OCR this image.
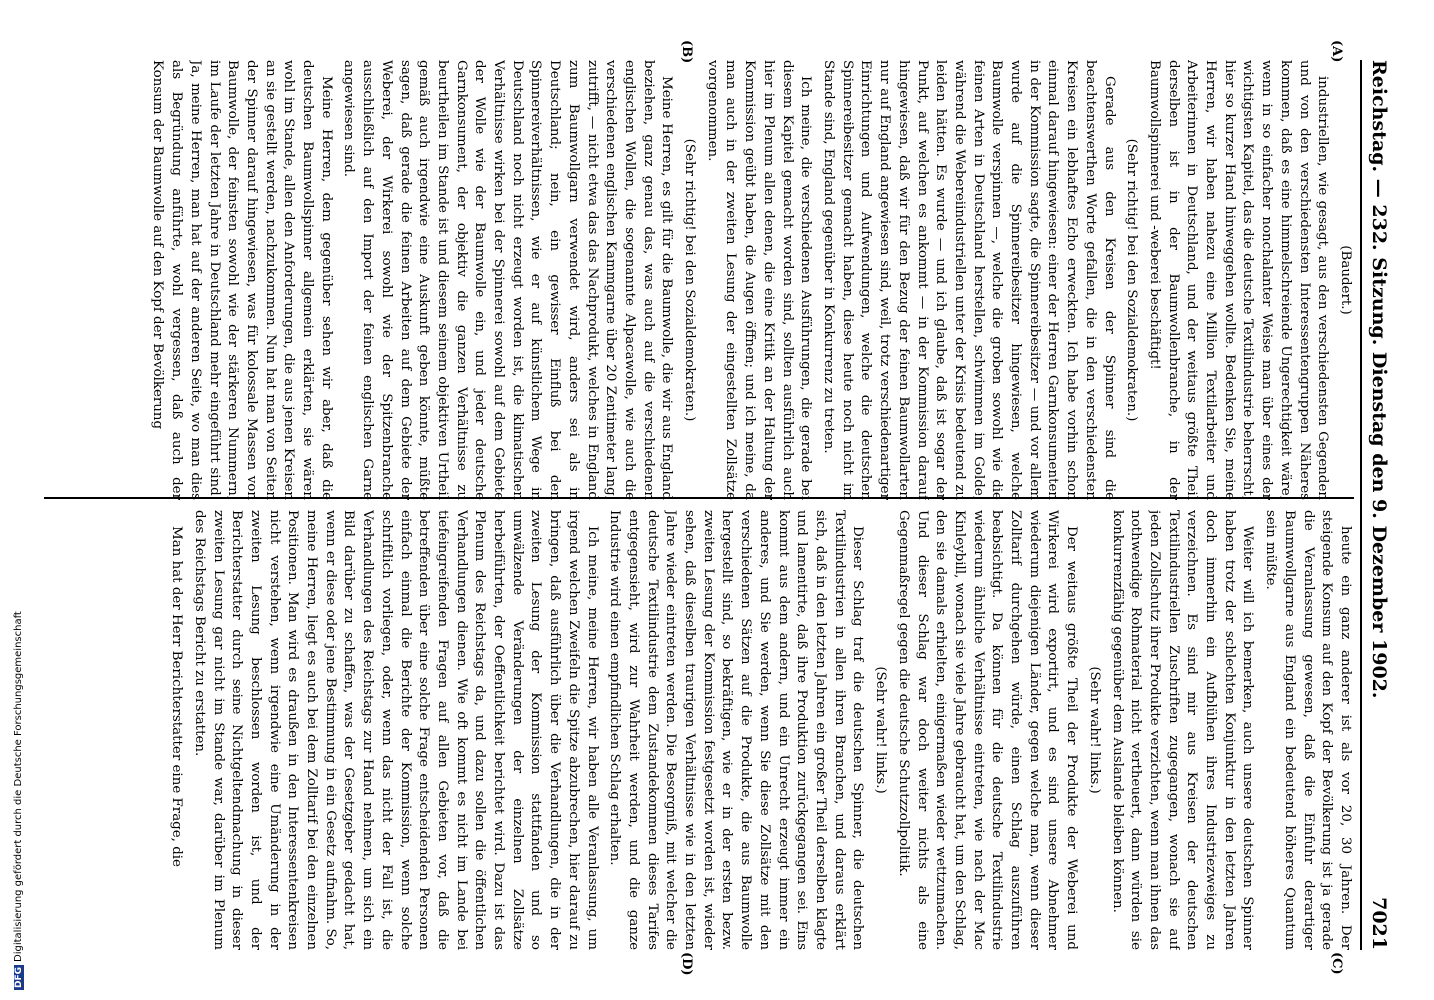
Reichstag. — 232. Sitzung. Dienstag den 9. Dezember 1902.
7021

(Baudert.)

industriellen, wie gesagt, aus den verschiedensten Gegenden und von den verschiedensten Interessentengruppen Näheres kommen, daß es eine himmelschreiende Ungerechtigkeit wäre, wenn in so einfacher nonchalanter Weise man über eines der wichtigsten Kapitel, das die deutsche Textilindustrie beherrscht, hier so kurzer Hand hinweggehen wollte. Bedenken Sie, meine Herren, wir haben nahezu eine Million Textilarbeiter und Arbeiterinnen in Deutschland, und der weitaus größte Theil derselben ist in der Baumwollenbranche, in der Baumwollspinnerei und -weberei beschäftigt!

(Sehr richtig! bei den Sozialdemokraten.)

Gerade aus den Kreisen der Spinner sind die beachtenswerthen Worte gefallen, die in den verschiedensten Kreisen ein lebhaftes Echo erweckten. Ich habe vorhin schon einmal darauf hingewiesen: einer der Herren Garnkonsumenten in der Kommission sagte, die Spinnereibesitzer — und vor allem wurde auf die Spinnereibesitzer hingewiesen, welche Baumwolle verspinnen —, welche die groben sowohl wie die feinen Arten in Deutschland herstellen, schwimmen im Golde, während die Webereiindustriellen unter der Krisis bedeutend zu leiden hätten. Es wurde — und ich glaube, daß ist sogar der Punkt, auf welchen es ankommt — in der Kommission darauf hingewiesen, daß wir für den Bezug der feinen Baumwollarten nur auf England angewiesen sind, weil, trotz verschiedenartiger Einrichtungen und Aufwendungen, welche die deutschen Spinnereibesitzer gemacht haben, diese heute noch nicht im Stande sind, England gegenüber in Konkurrenz zu treten.

Ich meine, die verschiedenen Ausführungen, die gerade bei diesem Kapitel gemacht worden sind, sollten ausführlich auch hier im Plenum allen denen, die eine Kritik an der Haltung der Kommission geübt haben, die Augen öffnen; und ich meine, da man auch in der zweiten Lesung der eingestellten Zollsätze vorgenommen.

(Sehr richtig! bei den Sozialdemokraten.)

Meine Herren, es gilt für die Baumwolle, die wir aus England beziehen, ganz genau das, was auch auf die verschiedenen englischen Wollen, die sogenannte Alpacawolle, wie auch die verschiedenen englischen Kammgarne über 20 Zentimeter lang, zutrifft, — nicht etwa das das Nachprodukt, welches in England zum Baumwollgarn verwendet wird, anders sei als in Deutschland; nein, ein gewisser Einfluß bei den Spinnereiverhältnissen, wie er auf künstlichem Wege in Deutschland noch nicht erzeugt worden ist, die klimatischen Verhältnisse wirken bei der Spinnerei sowohl auf dem Gebiete der Wolle wie der Baumwolle ein, und jeder deutsche Garnkonsument, der objektiv die ganzen Verhältnisse zu beurtheilen im Stande ist und diesem seinem objektiven Urtheil gemäß auch irgendwie eine Auskunft geben könnte, müßte sagen, daß gerade die feinen Arbeiten auf dem Gebiete der Weberei, der Wirkerei sowohl wie der Spitzenbranche ausschließlich auf den Import der feinen englischen Garne angewiesen sind.

Meine Herren, dem gegenüber sehen wir aber, daß die deutschen Baumwollspinner allgemein erklärten, sie wären wohl im Stande, allen den Anforderungen, die aus jenen Kreisen an sie gestellt werden, nachzukommen. Nun hat man von Seiten der Spinner darauf hingewiesen, was für kolossale Massen von Baumwolle, der feinsten sowohl wie der stärkeren Nummern, im Laufe der letzten Jahre in Deutschland mehr eingeführt sind. Ja, meine Herren, man hat auf der anderen Seite, wo man dies als Begründung anführte, wohl vergessen, daß auch der Konsum der Baumwolle auf den Kopf der Bevölkerung

heute ein ganz anderer ist als vor 20, 30 Jahren. Der steigende Konsum auf den Kopf der Bevölkerung ist ja gerade die Veranlassung gewesen, daß die Einfuhr derartiger Baumwollgarne aus England ein bedeutend höheres Quantum sein müßte.

Weiter will ich bemerken, auch unsere deutschen Spinner haben trotz der schlechten Konjunktur in den letzten Jahren doch immerhin ein Aufblühen ihres Industriezweiges zu verzeichnen. Es sind mir aus Kreisen der deutschen Textilindustriellen Zuschriften zugegangen, wonach sie auf jeden Zollschutz ihrer Produkte verzichten, wenn man ihnen das nothwendige Rohmaterial nicht vertheuert, dann würden sie konkurrenzfähig gegenüber dem Auslande bleiben können.

(Sehr wahr! links.)

Der weitaus größte Theil der Produkte der Weberei und Wirkerei wird exportirt, und es sind unsere Abnehmer wiederum diejenigen Länder, gegen welche man, wenn dieser Zolltarif durchgehen würde, einen Schlag auszuführen beabsichtigt. Da können für die deutsche Textilindustrie wiederum ähnliche Verhältnisse eintreten, wie nach der Mac Kinleybill, wonach sie viele Jahre gebraucht hat, um den Schlag, den sie damals erhielten, einigermaßen wieder wettzumachen. Und dieser Schlag war doch weiter nichts als eine Gegenmaßregel gegen die deutsche Schutzzollpolitik.

(Sehr wahr! links.)

Dieser Schlag traf die deutschen Spinner, die deutschen Textilindustrien in allen ihren Branchen, und daraus erklärt sich, daß in den letzten Jahren ein großer Theil derselben klagte und lamentirte, daß ihre Produktion zurückgegangen sei. Eins kommt aus dem andern, und ein Unrecht erzeugt immer ein anderes, und Sie werden, wenn Sie diese Zollsätze mit den verschiedenen Sätzen auf die Produkte, die aus Baumwolle hergestellt sind, so bekräftigen, wie er in der ersten bezw. zweiten Lesung der Kommission festgesetzt worden ist, wieder sehen, daß dieselben traurigen Verhältnisse wie in den letzten Jahre wieder eintreten werden. Die Besorgniß, mit welcher die deutsche Textilindustrie dem Zustandekommen dieses Tarifes entgegensieht, wird zur Wahrheit werden, und die ganze Industrie wird einen empfindlichen Schlag erhalten.

Ich meine, meine Herren, wir haben alle Veranlassung, um irgend welchen Zweifeln die Spitze abzubrechen, hier darauf zu bringen, daß ausführlich über die Verhandlungen, die in der zweiten Lesung der Kommission stattfanden und so umwälzende Veränderungen der einzelnen Zollsätze herbeiführten, der Oeffentlichkeit berichtet wird. Dazu ist das Plenum des Reichstags da, und dazu sollen die öffentlichen Verhandlungen dienen. Wie oft kommt es nicht im Lande bei tiefeingreifenden Fragen auf allen Gebieten vor, daß die betreffenden über eine solche Frage entscheidenden Personen einfach einmal die Berichte der Kommission, wenn solche schriftlich vorliegen, oder, wenn das nicht der Fall ist, die Verhandlungen des Reichstags zur Hand nehmen, um sich ein Bild darüber zu schaffen, was der Gesetzgeber gedacht hat, wenn er diese oder jene Bestimmung in ein Gesetz aufnahm. So, meine Herren, liegt es auch bei dem Zolltarif bei den einzelnen Positionen. Man wird es draußen in den Interessentenkreisen nicht verstehen, wenn irgendwie eine Umänderung in der zweiten Lesung beschlossen worden ist, und der Berichterstatter durch seine Nichtgeltendmachung in dieser zweiten Lesung gar nicht im Stande war, darüber im Plenum des Reichstags Bericht zu erstatten.

Man hat der Herr Berichterstatter eine Frage, die

(A)
(B)
(C)
(D)
DFGDigitalisierung gefördert durch die Deutsche Forschungsgemeinschaft
